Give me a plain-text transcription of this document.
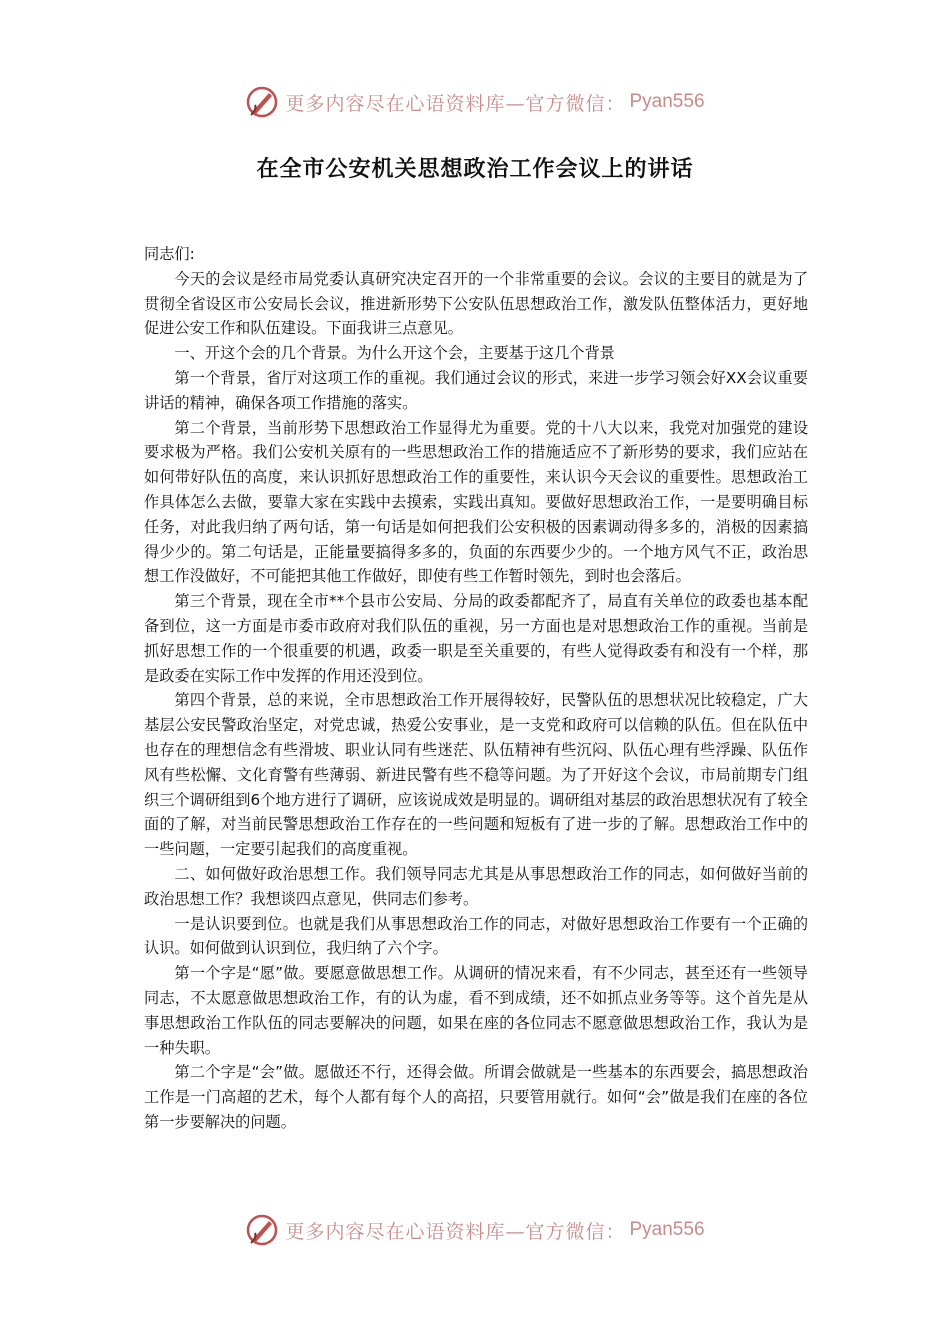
更多内容尽在心语资料库—官方微信： Pyan556
在全市公安机关思想政治工作会议上的讲话

同志们:

今天的会议是经市局党委认真研究决定召开的一个非常重要的会议。会议的主要目的就是为了贯彻全省设区市公安局长会议，推进新形势下公安队伍思想政治工作，激发队伍整体活力，更好地促进公安工作和队伍建设。下面我讲三点意见。

一、开这个会的几个背景。为什么开这个会，主要基于这几个背景

第一个背景，省厅对这项工作的重视。我们通过会议的形式，来进一步学习领会好XX会议重要讲话的精神，确保各项工作措施的落实。

第二个背景，当前形势下思想政治工作显得尤为重要。党的十八大以来，我党对加强党的建设要求极为严格。我们公安机关原有的一些思想政治工作的措施适应不了新形势的要求，我们应站在如何带好队伍的高度，来认识抓好思想政治工作的重要性，来认识今天会议的重要性。思想政治工作具体怎么去做，要靠大家在实践中去摸索，实践出真知。要做好思想政治工作，一是要明确目标任务，对此我归纳了两句话，第一句话是如何把我们公安积极的因素调动得多多的，消极的因素搞得少少的。第二句话是，正能量要搞得多多的，负面的东西要少少的。一个地方风气不正，政治思想工作没做好，不可能把其他工作做好，即使有些工作暂时领先，到时也会落后。

第三个背景，现在全市**个县市公安局、分局的政委都配齐了，局直有关单位的政委也基本配备到位，这一方面是市委市政府对我们队伍的重视，另一方面也是对思想政治工作的重视。当前是抓好思想工作的一个很重要的机遇，政委一职是至关重要的，有些人觉得政委有和没有一个样，那是政委在实际工作中发挥的作用还没到位。

第四个背景，总的来说，全市思想政治工作开展得较好，民警队伍的思想状况比较稳定，广大基层公安民警政治坚定，对党忠诚，热爱公安事业，是一支党和政府可以信赖的队伍。但在队伍中也存在的理想信念有些滑坡、职业认同有些迷茫、队伍精神有些沉闷、队伍心理有些浮躁、队伍作风有些松懈、文化育警有些薄弱、新进民警有些不稳等问题。为了开好这个会议，市局前期专门组织三个调研组到6个地方进行了调研，应该说成效是明显的。调研组对基层的政治思想状况有了较全面的了解，对当前民警思想政治工作存在的一些问题和短板有了进一步的了解。思想政治工作中的一些问题，一定要引起我们的高度重视。

二、如何做好政治思想工作。我们领导同志尤其是从事思想政治工作的同志，如何做好当前的政治思想工作？我想谈四点意见，供同志们参考。

一是认识要到位。也就是我们从事思想政治工作的同志，对做好思想政治工作要有一个正确的认识。如何做到认识到位，我归纳了六个字。

第一个字是“愿”做。要愿意做思想工作。从调研的情况来看，有不少同志，甚至还有一些领导同志，不太愿意做思想政治工作，有的认为虚，看不到成绩，还不如抓点业务等等。这个首先是从事思想政治工作队伍的同志要解决的问题，如果在座的各位同志不愿意做思想政治工作，我认为是一种失职。

第二个字是“会”做。愿做还不行，还得会做。所谓会做就是一些基本的东西要会，搞思想政治工作是一门高超的艺术，每个人都有每个人的高招，只要管用就行。如何“会”做是我们在座的各位第一步要解决的问题。

更多内容尽在心语资料库—官方微信： Pyan556
